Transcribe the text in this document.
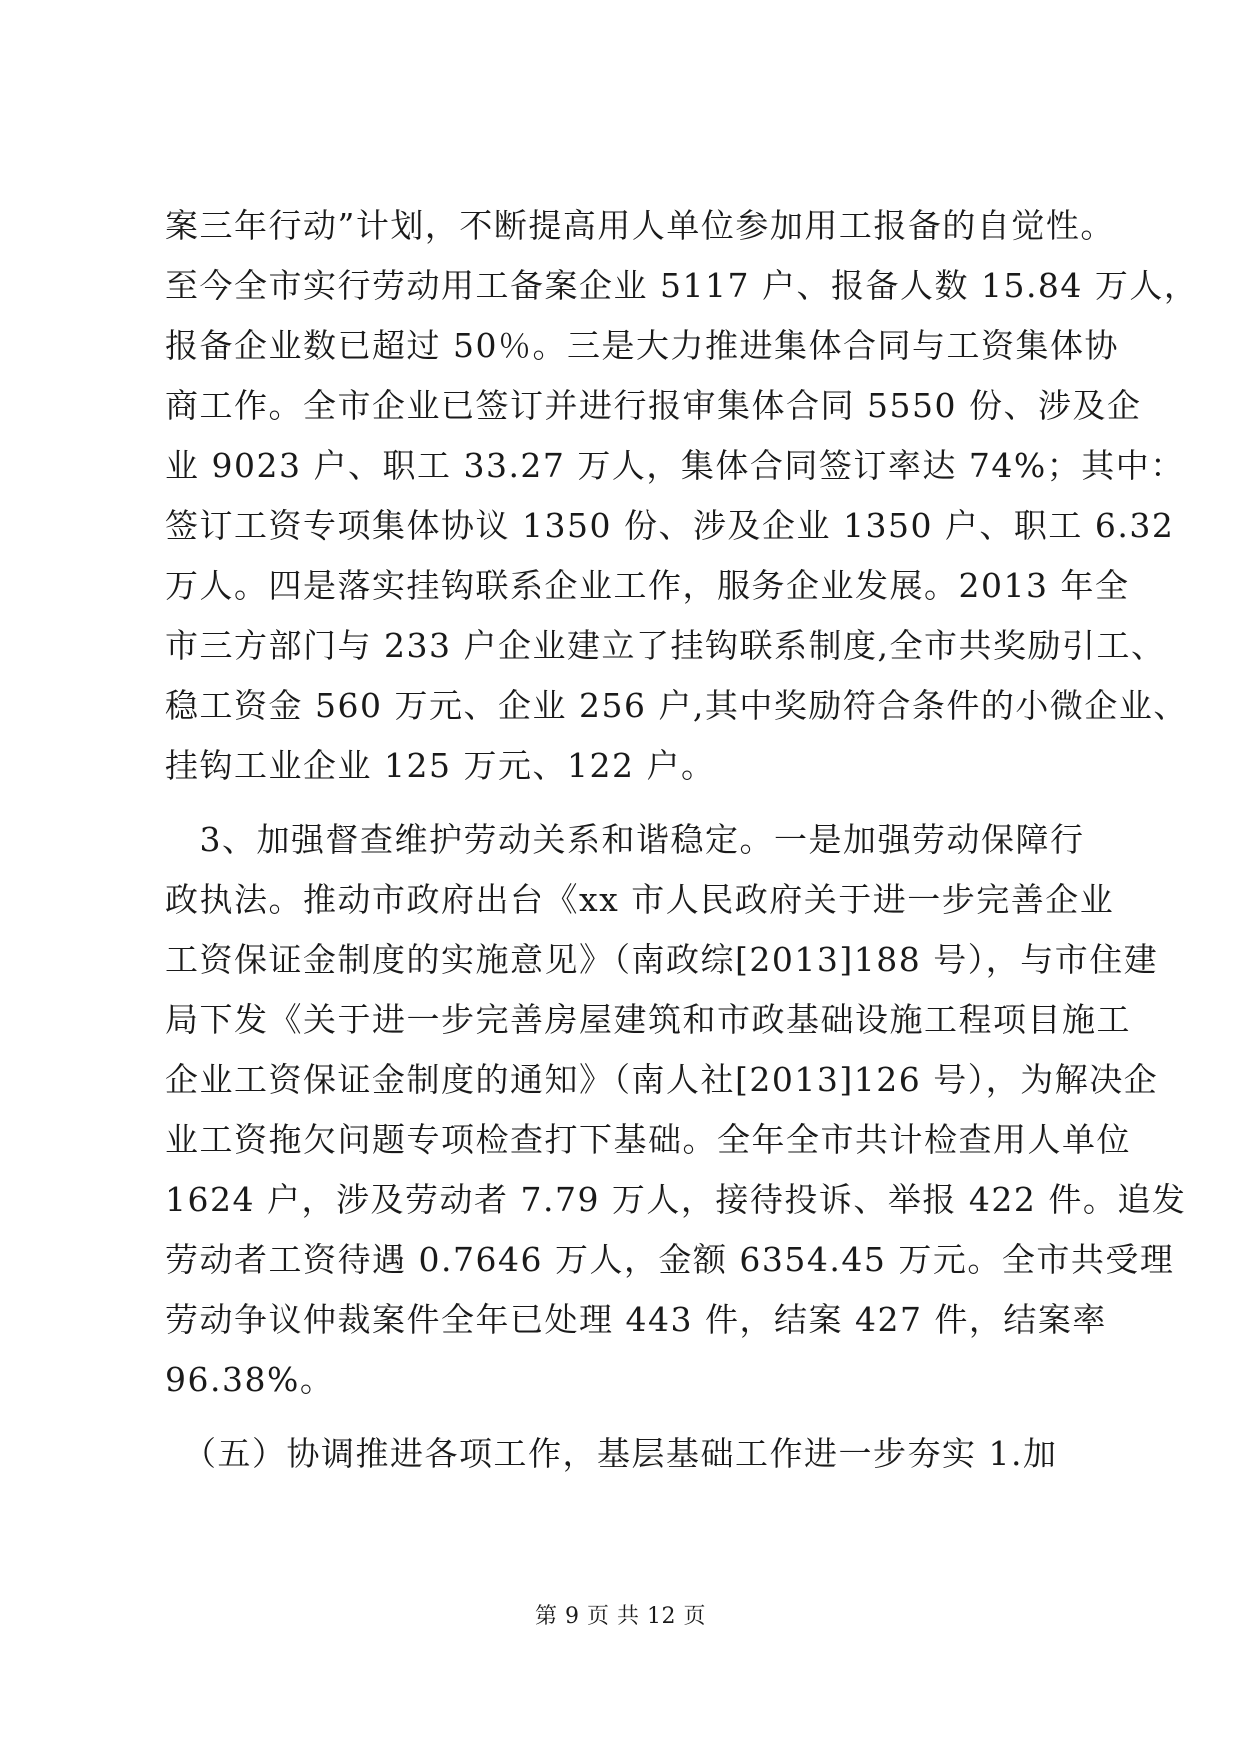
案三年行动”计划，不断提高用人单位参加用工报备的自觉性。
至今全市实行劳动用工备案企业 5117 户、报备人数 15.84 万人，
报备企业数已超过 50％。三是大力推进集体合同与工资集体协
商工作。全市企业已签订并进行报审集体合同 5550 份、涉及企
业 9023 户、职工 33.27 万人，集体合同签订率达 74%；其中：
签订工资专项集体协议 1350 份、涉及企业 1350 户、职工 6.32
万人。四是落实挂钩联系企业工作，服务企业发展。2013 年全
市三方部门与 233 户企业建立了挂钩联系制度,全市共奖励引工、
稳工资金 560 万元、企业 256 户,其中奖励符合条件的小微企业、
挂钩工业企业 125 万元、122 户。
　3、加强督查维护劳动关系和谐稳定。一是加强劳动保障行
政执法。推动市政府出台《xx 市人民政府关于进一步完善企业
工资保证金制度的实施意见》（南政综[2013]188 号），与市住建
局下发《关于进一步完善房屋建筑和市政基础设施工程项目施工
企业工资保证金制度的通知》（南人社[2013]126 号），为解决企
业工资拖欠问题专项检查打下基础。全年全市共计检查用人单位
1624 户，涉及劳动者 7.79 万人，接待投诉、举报 422 件。追发
劳动者工资待遇 0.7646 万人，金额 6354.45 万元。全市共受理
劳动争议仲裁案件全年已处理 443 件，结案 427 件，结案率
96.38%。
　（五）协调推进各项工作，基层基础工作进一步夯实 1.加
第 9 页 共 12 页
